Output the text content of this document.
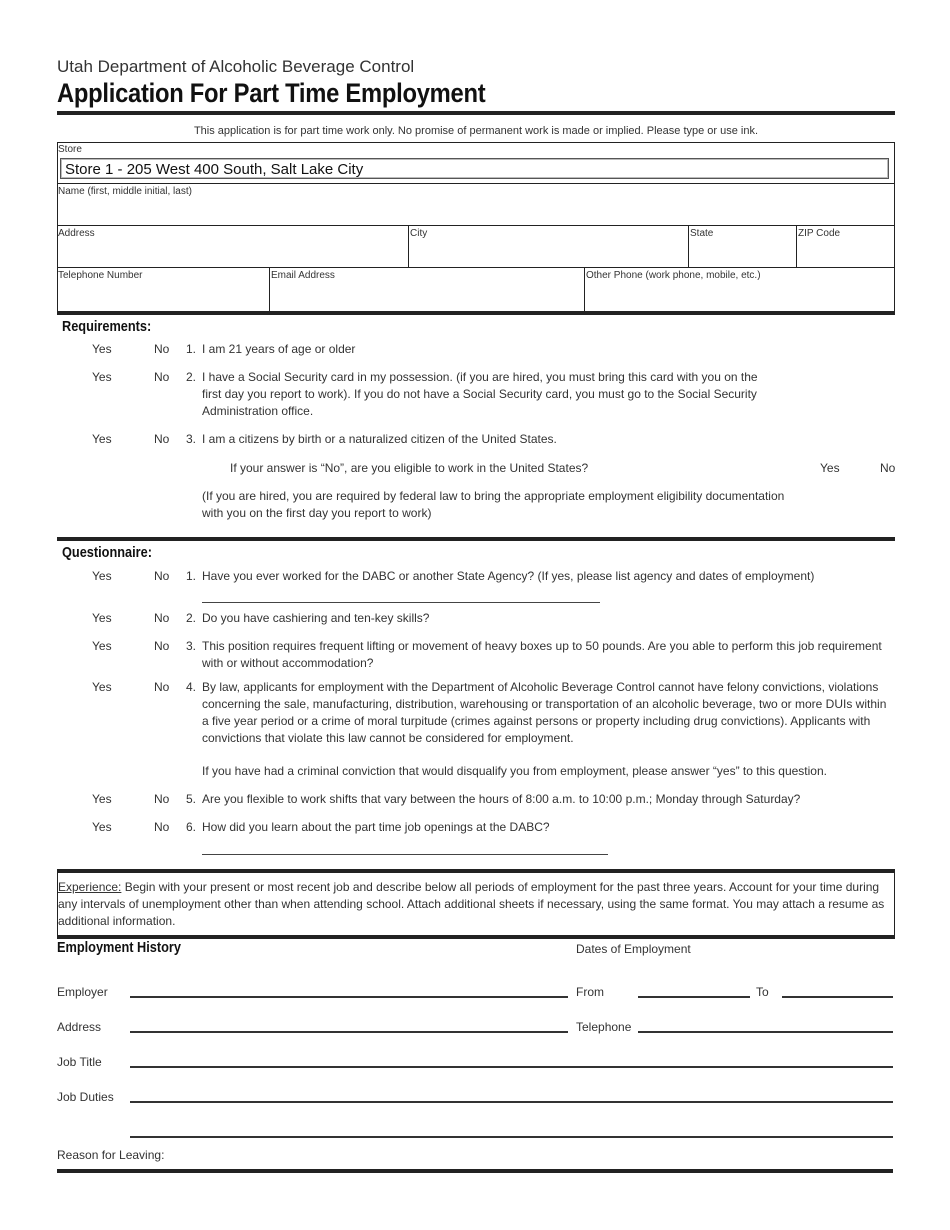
Utah Department of Alcoholic Beverage Control
Application For Part Time Employment
This application is for part time work only. No promise of permanent work is made or implied. Please type or use ink.
Store
Store 1 - 205 West 400 South, Salt Lake City
Name (first, middle initial, last)
Address	City	State	ZIP Code
Telephone Number	Email Address	Other Phone (work phone, mobile, etc.)
Requirements:
Yes	No 1. I am 21 years of age or older
Yes	No 2. I have a Social Security card in my possession. (if you are hired, you must bring this card with you on the first day you report to work). If you do not have a Social Security card, you must go to the Social Security Administration office.
Yes	No 3. I am a citizens by birth or a naturalized citizen of the United States.
If your answer is “No”, are you eligible to work in the United States?	Yes	No
(If you are hired, you are required by federal law to bring the appropriate employment eligibility documentation with you on the first day you report to work)
Questionnaire:
Yes	No 1. Have you ever worked for the DABC or another State Agency? (If yes, please list agency and dates of employment)
Yes	No 2. Do you have cashiering and ten-key skills?
Yes	No 3. This position requires frequent lifting or movement of heavy boxes up to 50 pounds. Are you able to perform this job requirement with or without accommodation?
Yes	No 4. By law, applicants for employment with the Department of Alcoholic Beverage Control cannot have felony convictions, violations concerning the sale, manufacturing, distribution, warehousing or transportation of an alcoholic beverage, two or more DUIs within a five year period or a crime of moral turpitude (crimes against persons or property including drug convictions). Applicants with convictions that violate this law cannot be considered for employment.
If you have had a criminal conviction that would disqualify you from employment, please answer “yes” to this question.
Yes	No 5. Are you flexible to work shifts that vary between the hours of 8:00 a.m. to 10:00 p.m.; Monday through Saturday?
Yes	No 6. How did you learn about the part time job openings at the DABC?
Experience: Begin with your present or most recent job and describe below all periods of employment for the past three years. Account for your time during any intervals of unemployment other than when attending school. Attach additional sheets if necessary, using the same format. You may attach a resume as additional information.
Employment History	Dates of Employment
Employer	From	To
Address	Telephone
Job Title
Job Duties
Reason for Leaving:
